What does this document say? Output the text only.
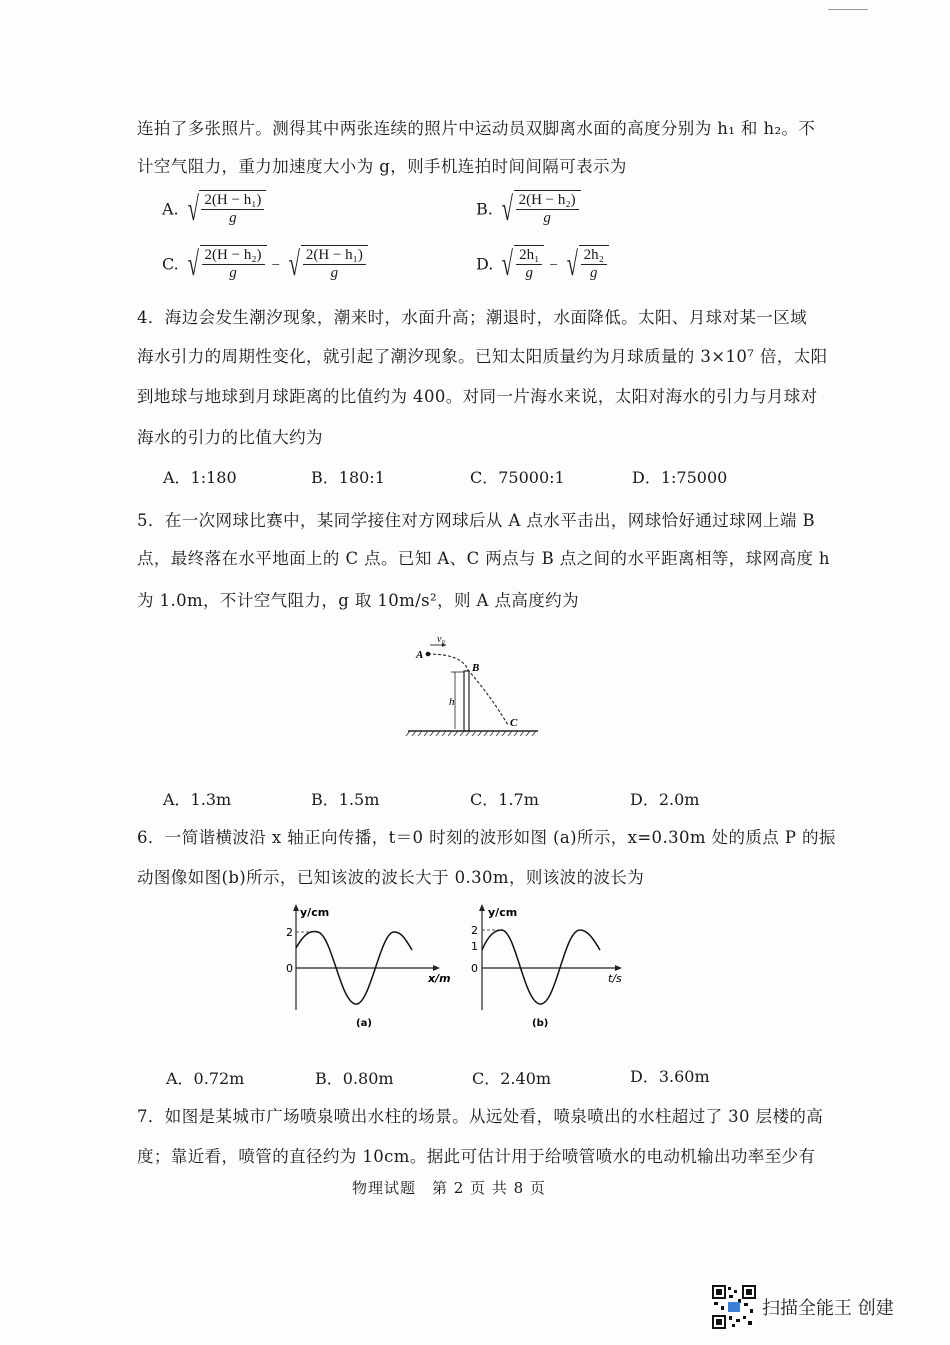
连拍了多张照片。测得其中两张连续的照片中运动员双脚离水面的高度分别为 h₁ 和 h₂。不
计空气阻力，重力加速度大小为 g，则手机连拍时间间隔可表示为
A. √ $\frac{\text{2(H − h₁)}}{g}$	B. √ $\frac{\text{2(H − h₂)}}{g}$
C. √ $\frac{\text{2(H − h₂)}}{g}$ − √ $\frac{\text{2(H − h₁)}}{g}$	D. √ $\frac{\text{2h₁}}{g}$ − √ $\frac{\text{2h₂}}{g}$
4．海边会发生潮汐现象，潮来时，水面升高；潮退时，水面降低。太阳、月球对某一区域
海水引力的周期性变化，就引起了潮汐现象。已知太阳质量约为月球质量的 3×10⁷ 倍，太阳
到地球与地球到月球距离的比值约为 400。对同一片海水来说，太阳对海水的引力与月球对
海水的引力的比值大约为
A．1:180	B．180:1	C．75000:1	D．1:75000
5．在一次网球比赛中，某同学接住对方网球后从 A 点水平击出，网球恰好通过球网上端 B
点，最终落在水平地面上的 C 点。已知 A、C 两点与 B 点之间的水平距离相等，球网高度 h
为 1.0m，不计空气阻力，g 取 10m/s²，则 A 点高度约为
v₀
A
B
h
C
A．1.3m	B．1.5m	C．1.7m	D．2.0m
6．一简谐横波沿 x 轴正向传播，t＝0 时刻的波形如图 (a)所示，x=0.30m 处的质点 P 的振
动图像如图(b)所示，已知该波的波长大于 0.30m，则该波的波长为
y/cm
x/m
2
0
(a)
y/cm
t/s
2
1
0
(b)
A．0.72m	B．0.80m	C．2.40m	D．3.60m
7．如图是某城市广场喷泉喷出水柱的场景。从远处看，喷泉喷出的水柱超过了 30 层楼的高
度；靠近看，喷管的直径约为 10cm。据此可估计用于给喷管喷水的电动机输出功率至少有
物理试题　第 2 页 共 8 页
扫描全能王 创建
